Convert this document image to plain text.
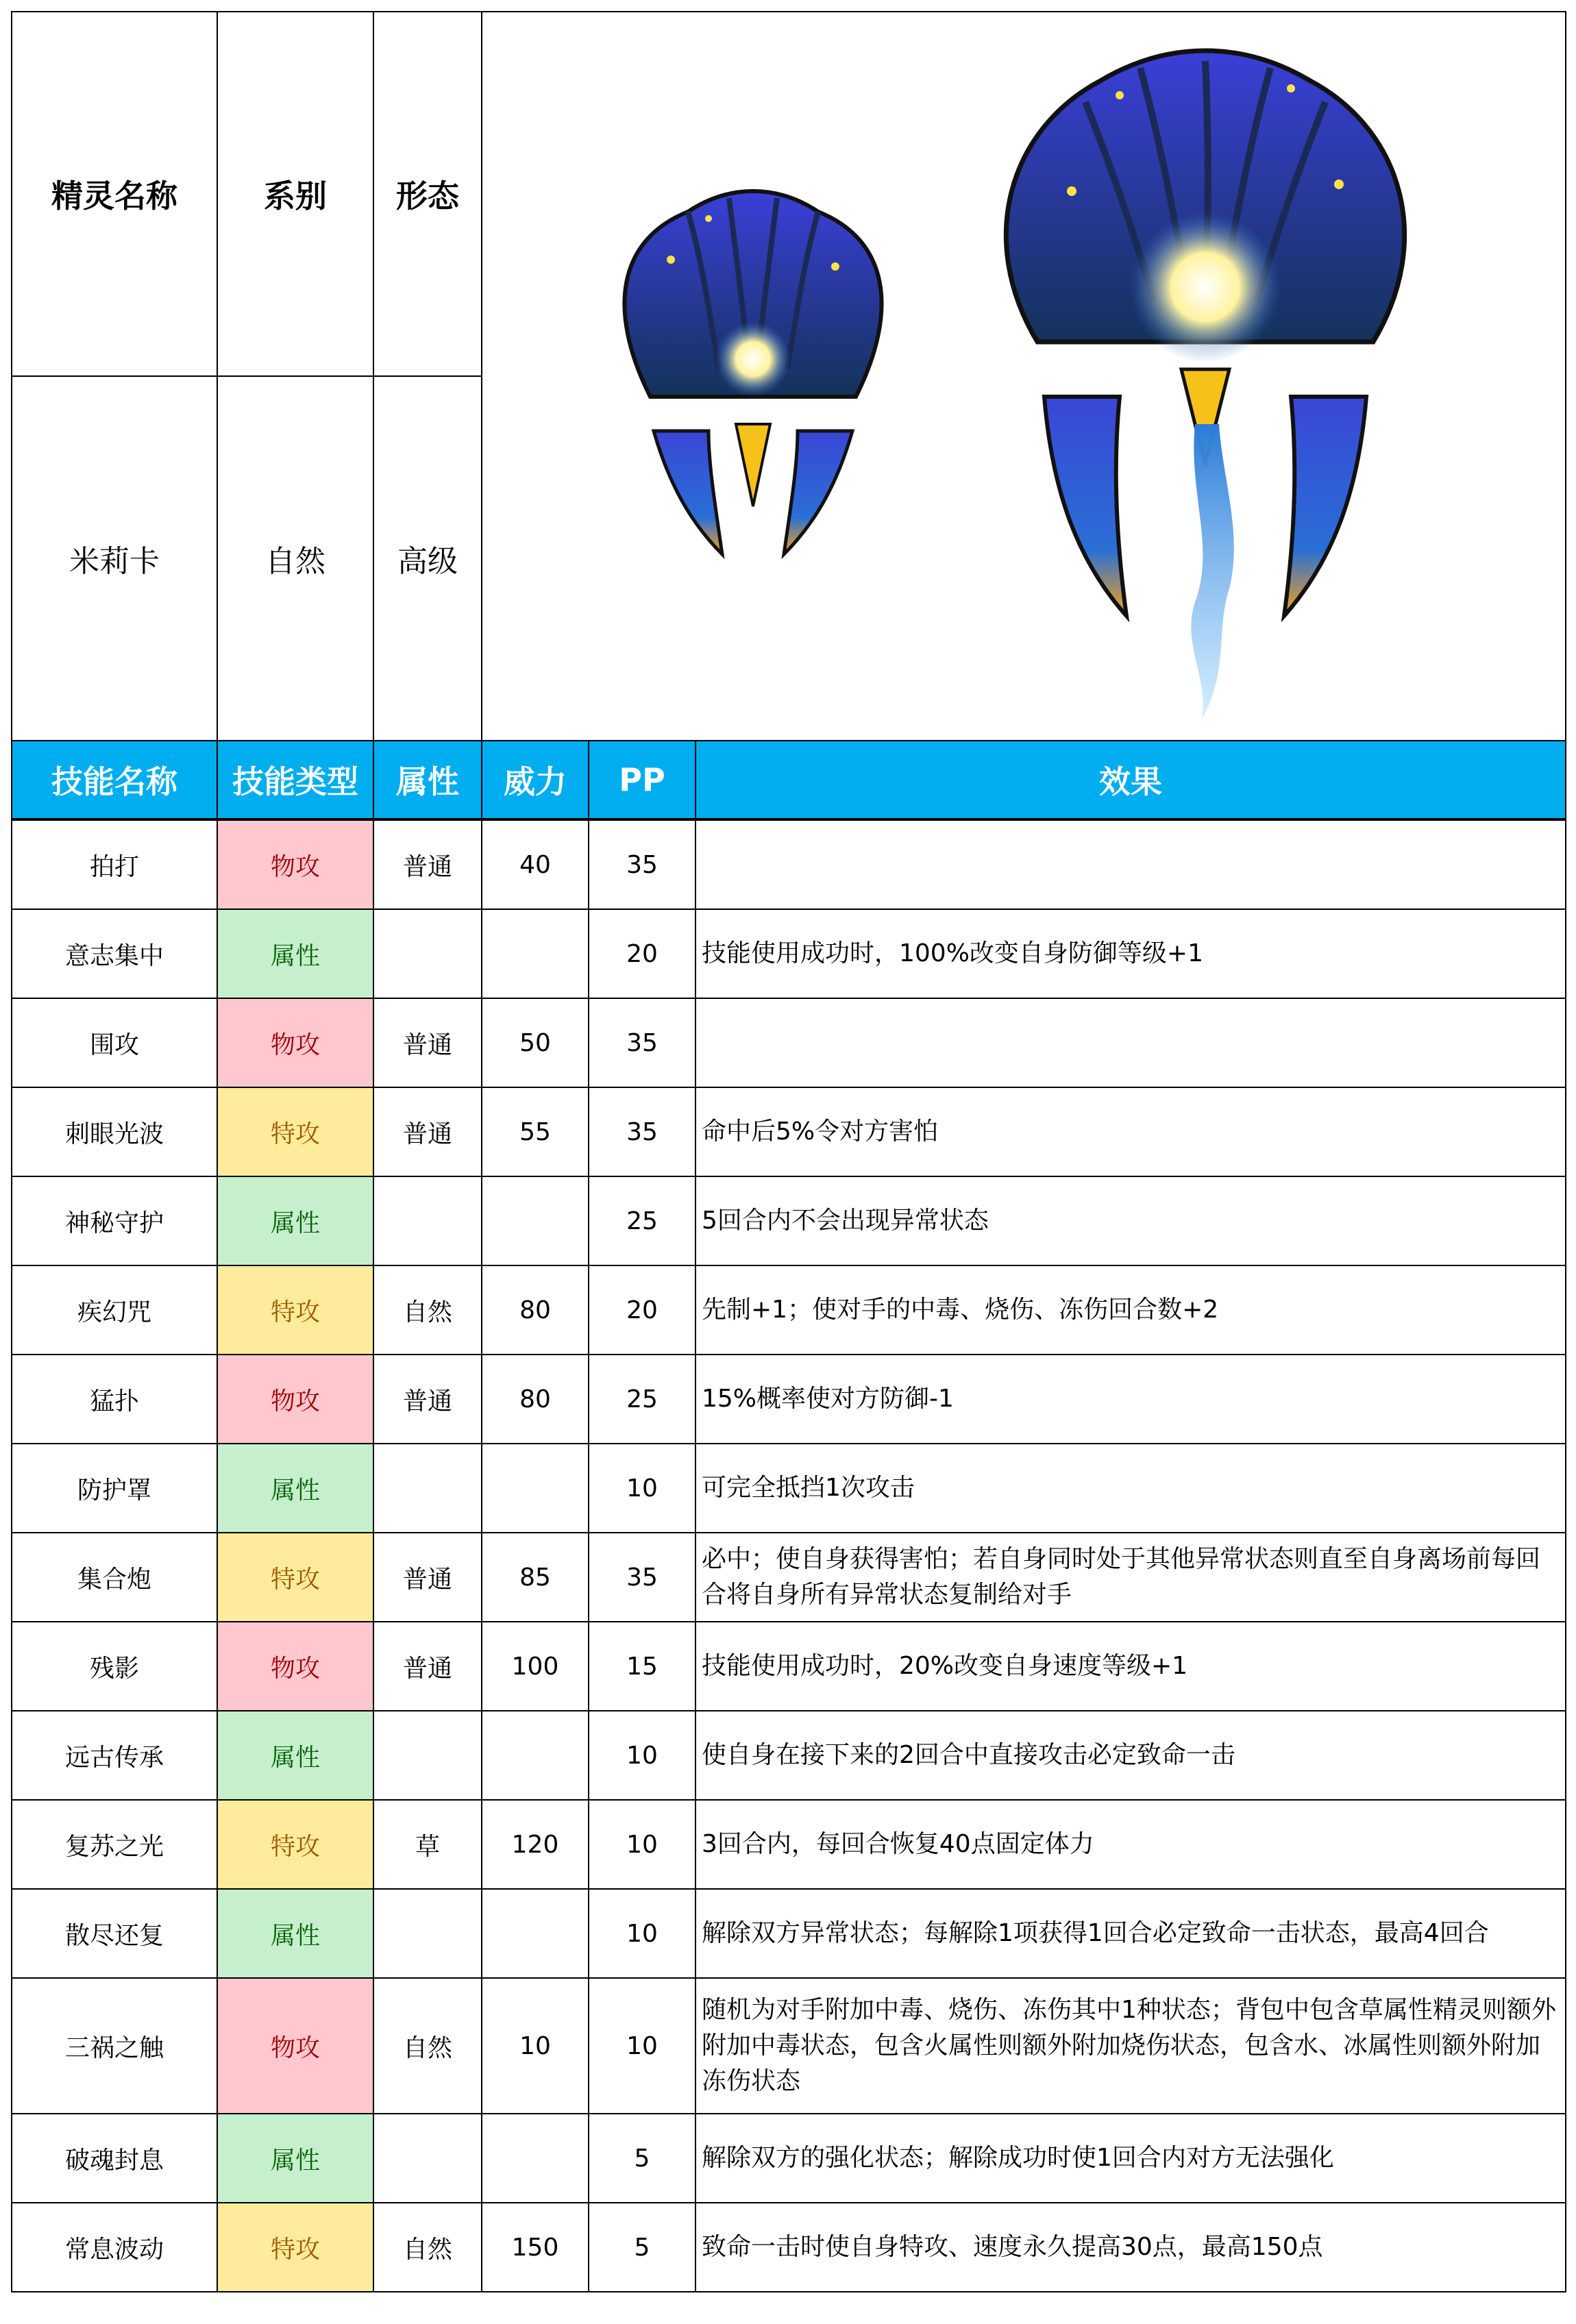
精灵名称	系别	形态	

米莉卡	自然	高级			
技能名称	技能类型	属性	威力	PP	效果
拍打	物攻	普通	40	35	
意志集中	属性			20	技能使用成功时，100%改变自身防御等级+1
围攻	物攻	普通	50	35	
刺眼光波	特攻	普通	55	35	命中后5%令对方害怕
神秘守护	属性			25	5回合内不会出现异常状态
疾幻咒	特攻	自然	80	20	先制+1；使对手的中毒、烧伤、冻伤回合数+2
猛扑	物攻	普通	80	25	15%概率使对方防御-1
防护罩	属性			10	可完全抵挡1次攻击
集合炮	特攻	普通	85	35	必中；使自身获得害怕；若自身同时处于其他异常状态则直至自身离场前每回合将自身所有异常状态复制给对手
残影	物攻	普通	100	15	技能使用成功时，20%改变自身速度等级+1
远古传承	属性			10	使自身在接下来的2回合中直接攻击必定致命一击
复苏之光	特攻	草	120	10	3回合内，每回合恢复40点固定体力
散尽还复	属性			10	解除双方异常状态；每解除1项获得1回合必定致命一击状态，最高4回合
三祸之触	物攻	自然	10	10	随机为对手附加中毒、烧伤、冻伤其中1种状态；背包中包含草属性精灵则额外附加中毒状态，包含火属性则额外附加烧伤状态，包含水、冰属性则额外附加冻伤状态
破魂封息	属性			5	解除双方的强化状态；解除成功时使1回合内对方无法强化
常息波动	特攻	自然	150	5	致命一击时使自身特攻、速度永久提高30点，最高150点
